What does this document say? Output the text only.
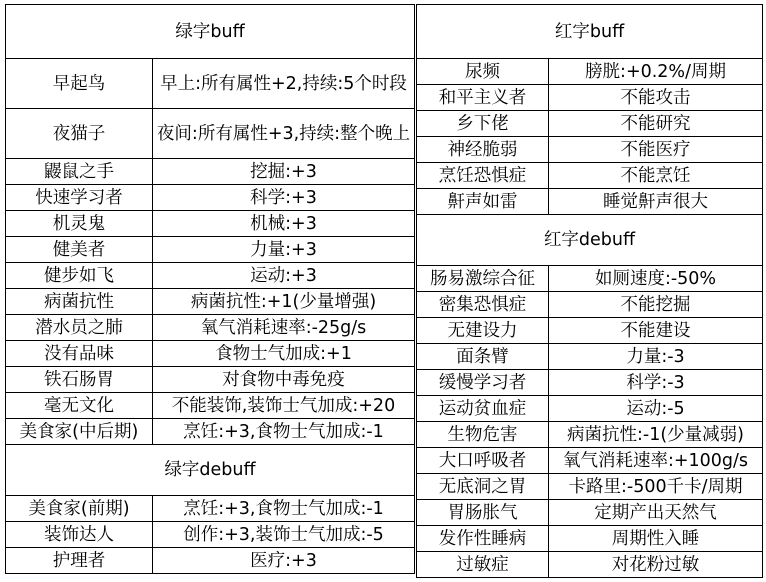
绿字buff	
早起鸟	早上:所有属性+2,持续:5个时段
夜猫子	夜间:所有属性+3,持续:整个晚上
鼹鼠之手	挖掘:+3
快速学习者	科学:+3
机灵鬼	机械:+3
健美者	力量:+3
健步如飞	运动:+3
病菌抗性	病菌抗性:+1(少量增强)
潜水员之肺	氧气消耗速率:-25g/s
没有品味	食物士气加成:+1
铁石肠胃	对食物中毒免疫
毫无文化	不能装饰,装饰士气加成:+20
美食家(中后期)	烹饪:+3,食物士气加成:-1
绿字debuff	
美食家(前期)	烹饪:+3,食物士气加成:-1
装饰达人	创作:+3,装饰士气加成:-5
护理者	医疗:+3
红字buff	
尿频	膀胱:+0.2%/周期
和平主义者	不能攻击
乡下佬	不能研究
神经脆弱	不能医疗
烹饪恐惧症	不能烹饪
鼾声如雷	睡觉鼾声很大
红字debuff	
肠易激综合征	如厕速度:-50%
密集恐惧症	不能挖掘
无建设力	不能建设
面条臂	力量:-3
缓慢学习者	科学:-3
运动贫血症	运动:-5
生物危害	病菌抗性:-1(少量减弱)
大口呼吸者	氧气消耗速率:+100g/s
无底洞之胃	卡路里:-500千卡/周期
胃肠胀气	定期产出天然气
发作性睡病	周期性入睡
过敏症	对花粉过敏
